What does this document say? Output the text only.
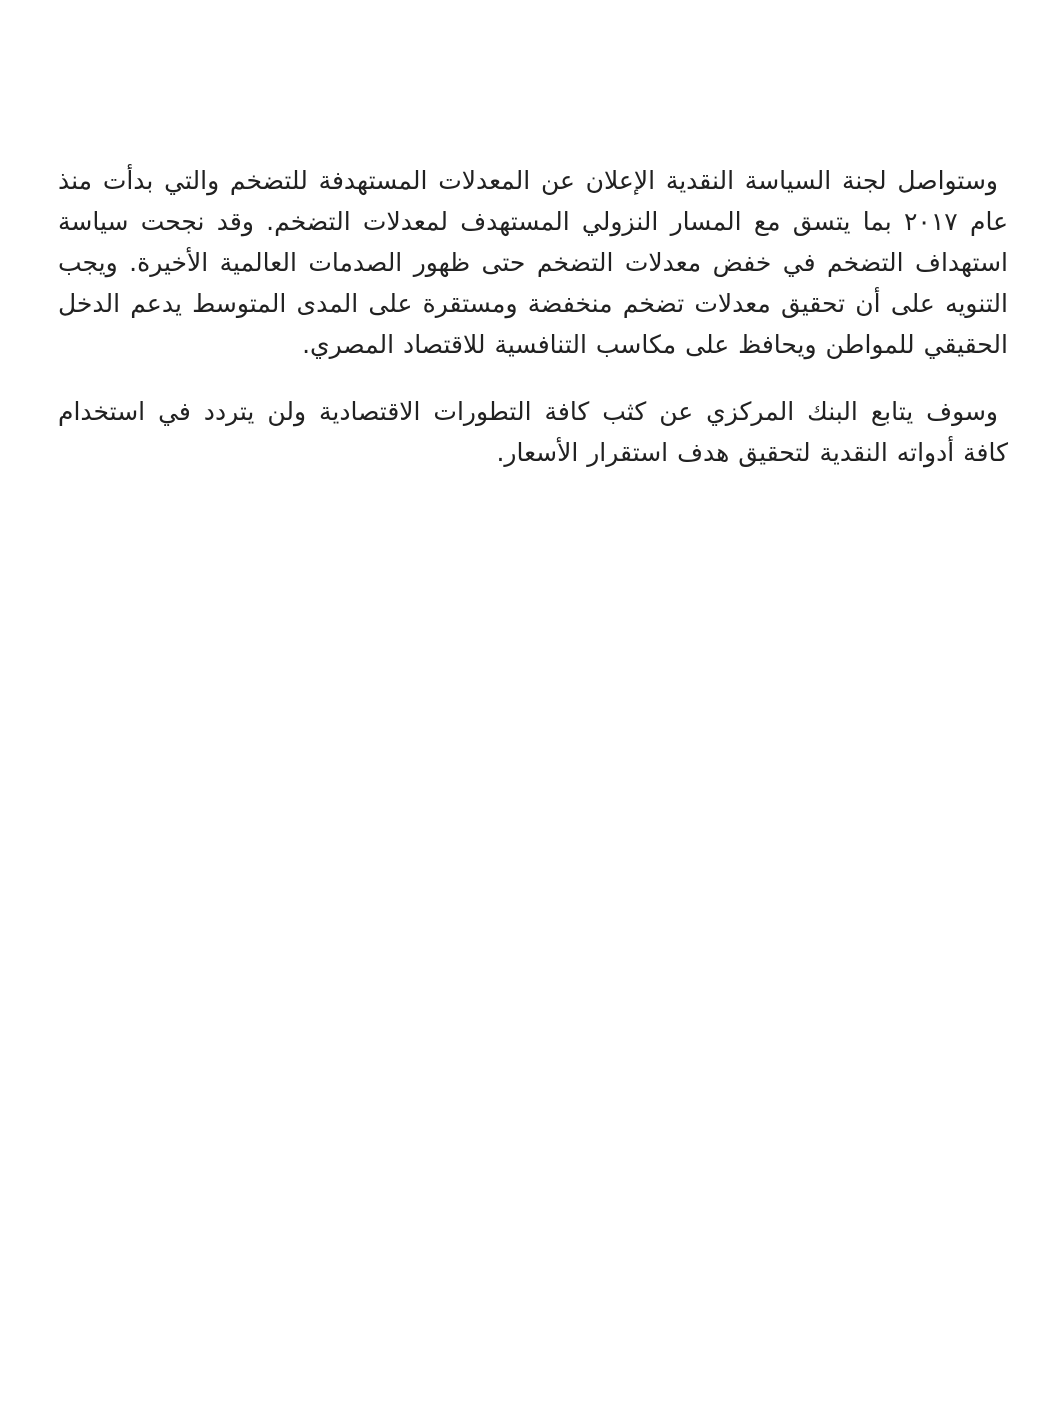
وستواصل لجنة السياسة النقدية الإعلان عن المعدلات المستهدفة للتضخم والتي بدأت منذ عام ٢٠١٧ بما يتسق مع المسار النزولي المستهدف لمعدلات التضخم. وقد نجحت سياسة استهداف التضخم في خفض معدلات التضخم حتى ظهور الصدمات العالمية الأخيرة. ويجب التنويه على أن تحقيق معدلات تضخم منخفضة ومستقرة على المدى المتوسط يدعم الدخل الحقيقي للمواطن ويحافظ على مكاسب التنافسية للاقتصاد المصري.

وسوف يتابع البنك المركزي عن كثب كافة التطورات الاقتصادية ولن يتردد في استخدام كافة أدواته النقدية لتحقيق هدف استقرار الأسعار.
